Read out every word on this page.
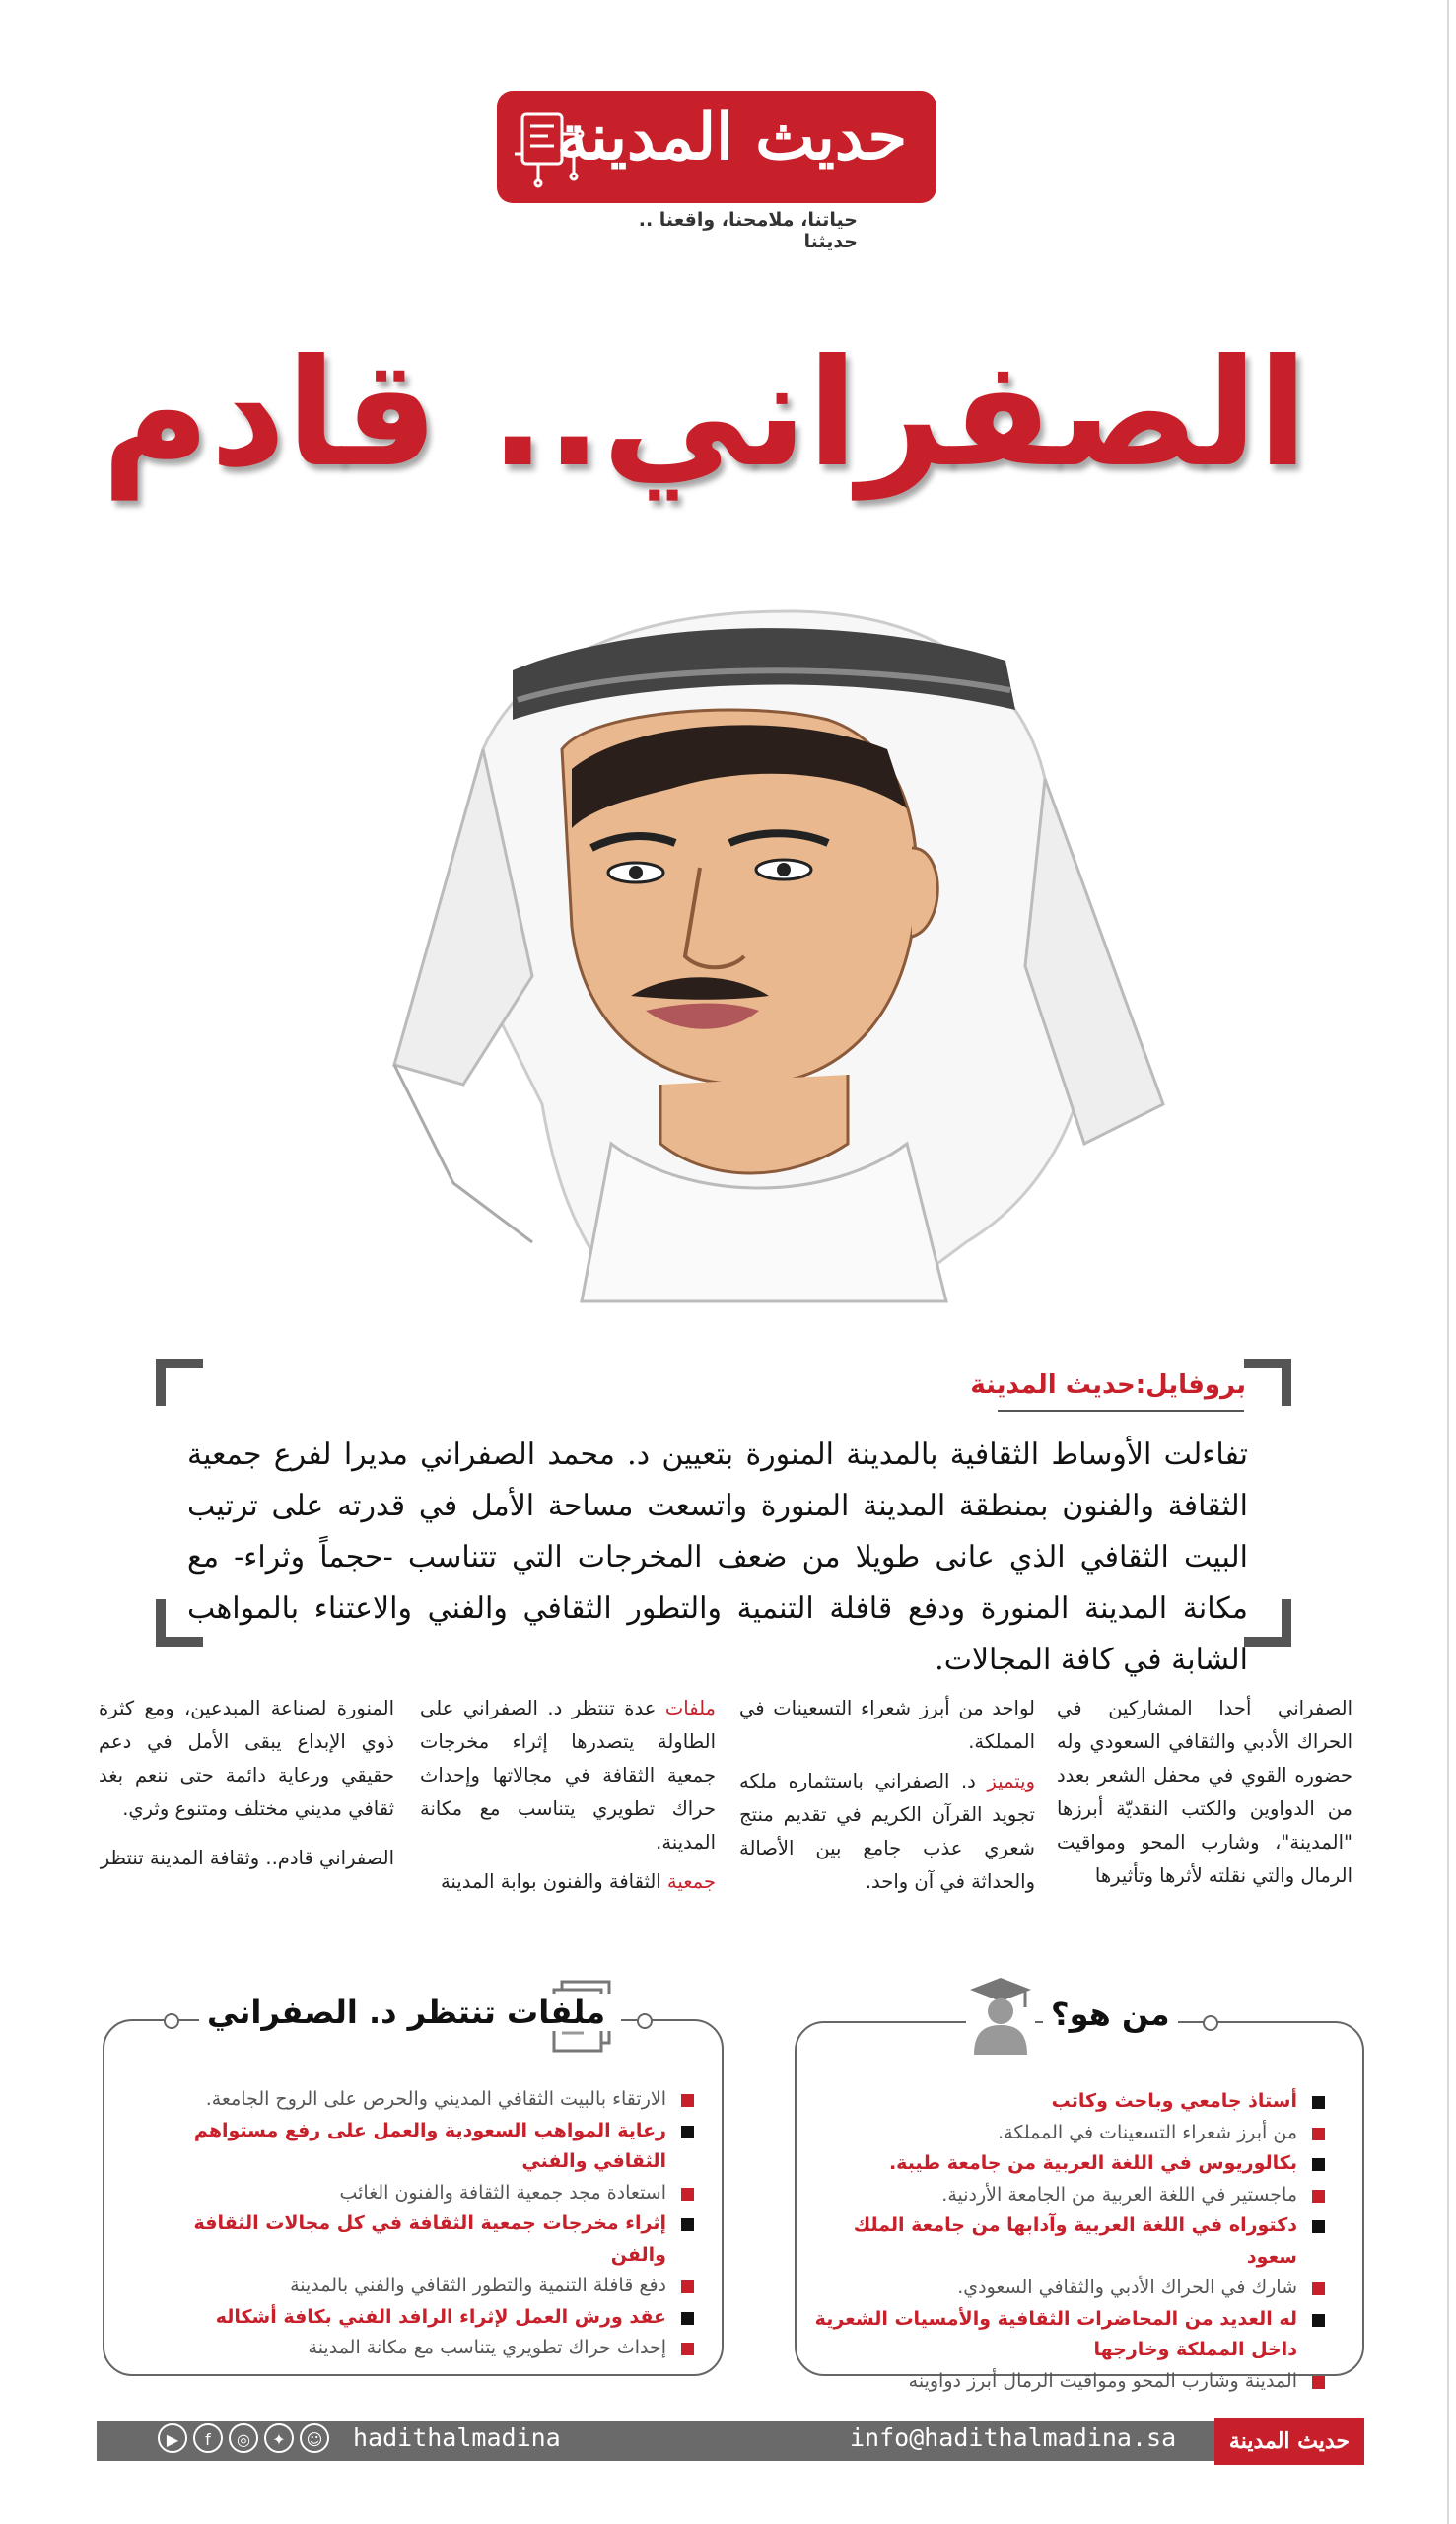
حديث المدينة
حياتنا، ملامحنا، واقعنا .. حديثنا
الصفراني.. قادم
بروفايل:حديث المدينة
تفاءلت الأوساط الثقافية بالمدينة المنورة بتعيين د. محمد الصفراني مديرا لفرع جمعية الثقافة والفنون بمنطقة المدينة المنورة واتسعت مساحة الأمل في قدرته على ترتيب البيت الثقافي الذي عانى طويلا من ضعف المخرجات التي تتناسب -حجماً وثراء- مع مكانة المدينة المنورة ودفع قافلة التنمية والتطور الثقافي والفني والاعتناء بالمواهب الشابة في كافة المجالات.
الصفراني أحدا المشاركين في الحراك الأدبي والثقافي السعودي وله حضوره القوي في محفل الشعر بعدد من الدواوين والكتب النقديّة أبرزها "المدينة"، وشارب المحو ومواقيت الرمال والتي نقلته لأثرها وتأثيرها
لواحد من أبرز شعراء التسعينات في المملكة.
ويتميز د. الصفراني باستثماره ملكه تجويد القرآن الكريم في تقديم منتج شعري عذب جامع بين الأصالة والحداثة في آن واحد.
ملفات عدة تنتظر د. الصفراني على الطاولة يتصدرها إثراء مخرجات جمعية الثقافة في مجالاتها وإحداث حراك تطويري يتناسب مع مكانة المدينة.
جمعية الثقافة والفنون بوابة المدينة
المنورة لصناعة المبدعين، ومع كثرة ذوي الإبداع يبقى الأمل في دعم حقيقي ورعاية دائمة حتى ننعم بغد ثقافي مديني مختلف ومتنوع وثري.
الصفراني قادم.. وثقافة المدينة تنتظر
من هو؟
أستاذ جامعي وباحث وكاتب
من أبرز شعراء التسعينات في المملكة.
بكالوريوس في اللغة العربية من جامعة طيبة.
ماجستير في اللغة العربية من الجامعة الأردنية.
دكتوراه في اللغة العربية وآدابها من جامعة الملك سعود
شارك في الحراك الأدبي والثقافي السعودي.
له العديد من المحاضرات الثقافية والأمسيات الشعرية داخل المملكة وخارجها
المدينة وشارب المحو ومواقيت الرمال أبرز دواوينه
ملفات تنتظر د. الصفراني
الارتقاء بالبيت الثقافي المديني والحرص على الروح الجامعة.
رعاية المواهب السعودية والعمل على رفع مستواهم الثقافي والفني
استعادة مجد جمعية الثقافة والفنون الغائب
إثراء مخرجات جمعية الثقافة في كل مجالات الثقافة والفن
دفع قافلة التنمية والتطور الثقافي والفني بالمدينة
عقد ورش العمل لإثراء الرافد الفني بكافة أشكاله
إحداث حراك تطويري يتناسب مع مكانة المدينة
حديث المدينة
info@hadithalmadina.sa
hadithalmadina
▶	f	◎	✦	☺
